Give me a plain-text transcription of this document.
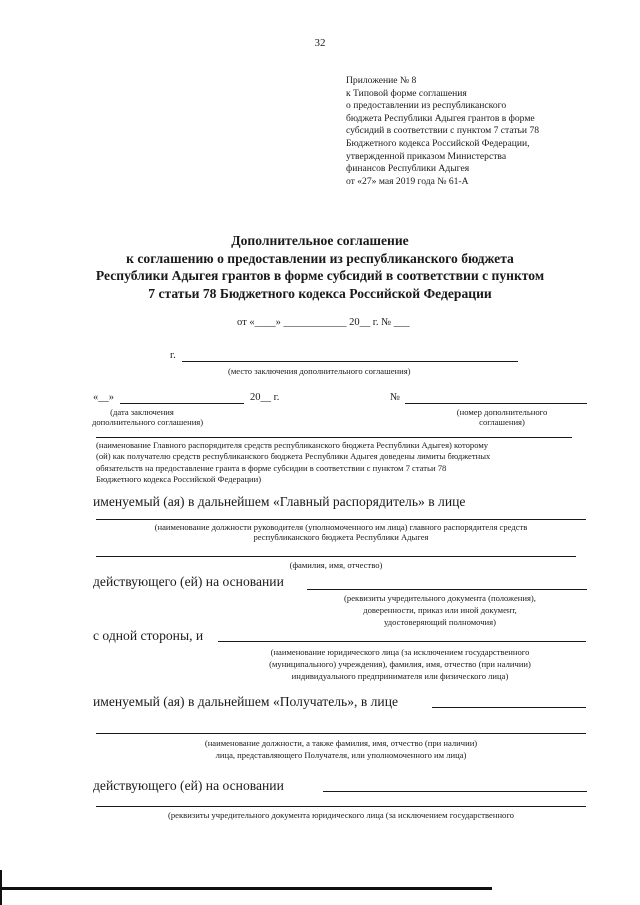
32
Приложение № 8
к Типовой форме соглашения
о предоставлении из республиканского
бюджета Республики Адыгея грантов в форме
субсидий в соответствии с пунктом 7 статьи 78
Бюджетного кодекса Российской Федерации,
утвержденной приказом Министерства
финансов Республики Адыгея
от «27» мая 2019 года № 61-А
Дополнительное соглашение
к соглашению о предоставлении из республиканского бюджета
Республики Адыгея грантов в форме субсидий в соответствии с пунктом
7 статьи 78 Бюджетного кодекса Российской Федерации
от «____» ____________ 20__ г. № ___
г.
(место заключения дополнительного соглашения)
«__»	20__ г.
(дата заключения
дополнительного соглашения)
№
(номер дополнительного
соглашения)
(наименование Главного распорядителя средств республиканского бюджета Республики Адыгея) которому
(ой) как получателю средств республиканского бюджета Республики Адыгея доведены лимиты бюджетных
обязательств на предоставление гранта в форме субсидии в соответствии с пунктом 7 статьи 78
Бюджетного кодекса Российской Федерации)
именуемый (ая) в дальнейшем «Главный распорядитель» в лице
(наименование должности руководителя (уполномоченного им лица) главного распорядителя средств
республиканского бюджета Республики Адыгея
(фамилия, имя, отчество)
действующего (ей) на основании
(реквизиты учредительного документа (положения),
доверенности, приказ или иной документ,
удостоверяющий полномочия)
с одной стороны, и
(наименование юридического лица (за исключением государственного
(муниципального) учреждения), фамилия, имя, отчество (при наличии)
индивидуального предпринимателя или физического лица)
именуемый (ая) в дальнейшем «Получатель», в лице
(наименование должности, а также фамилия, имя, отчество (при наличии)
лица, представляющего Получателя, или уполномоченного им лица)
действующего (ей) на основании
(реквизиты учредительного документа юридического лица (за исключением государственного
